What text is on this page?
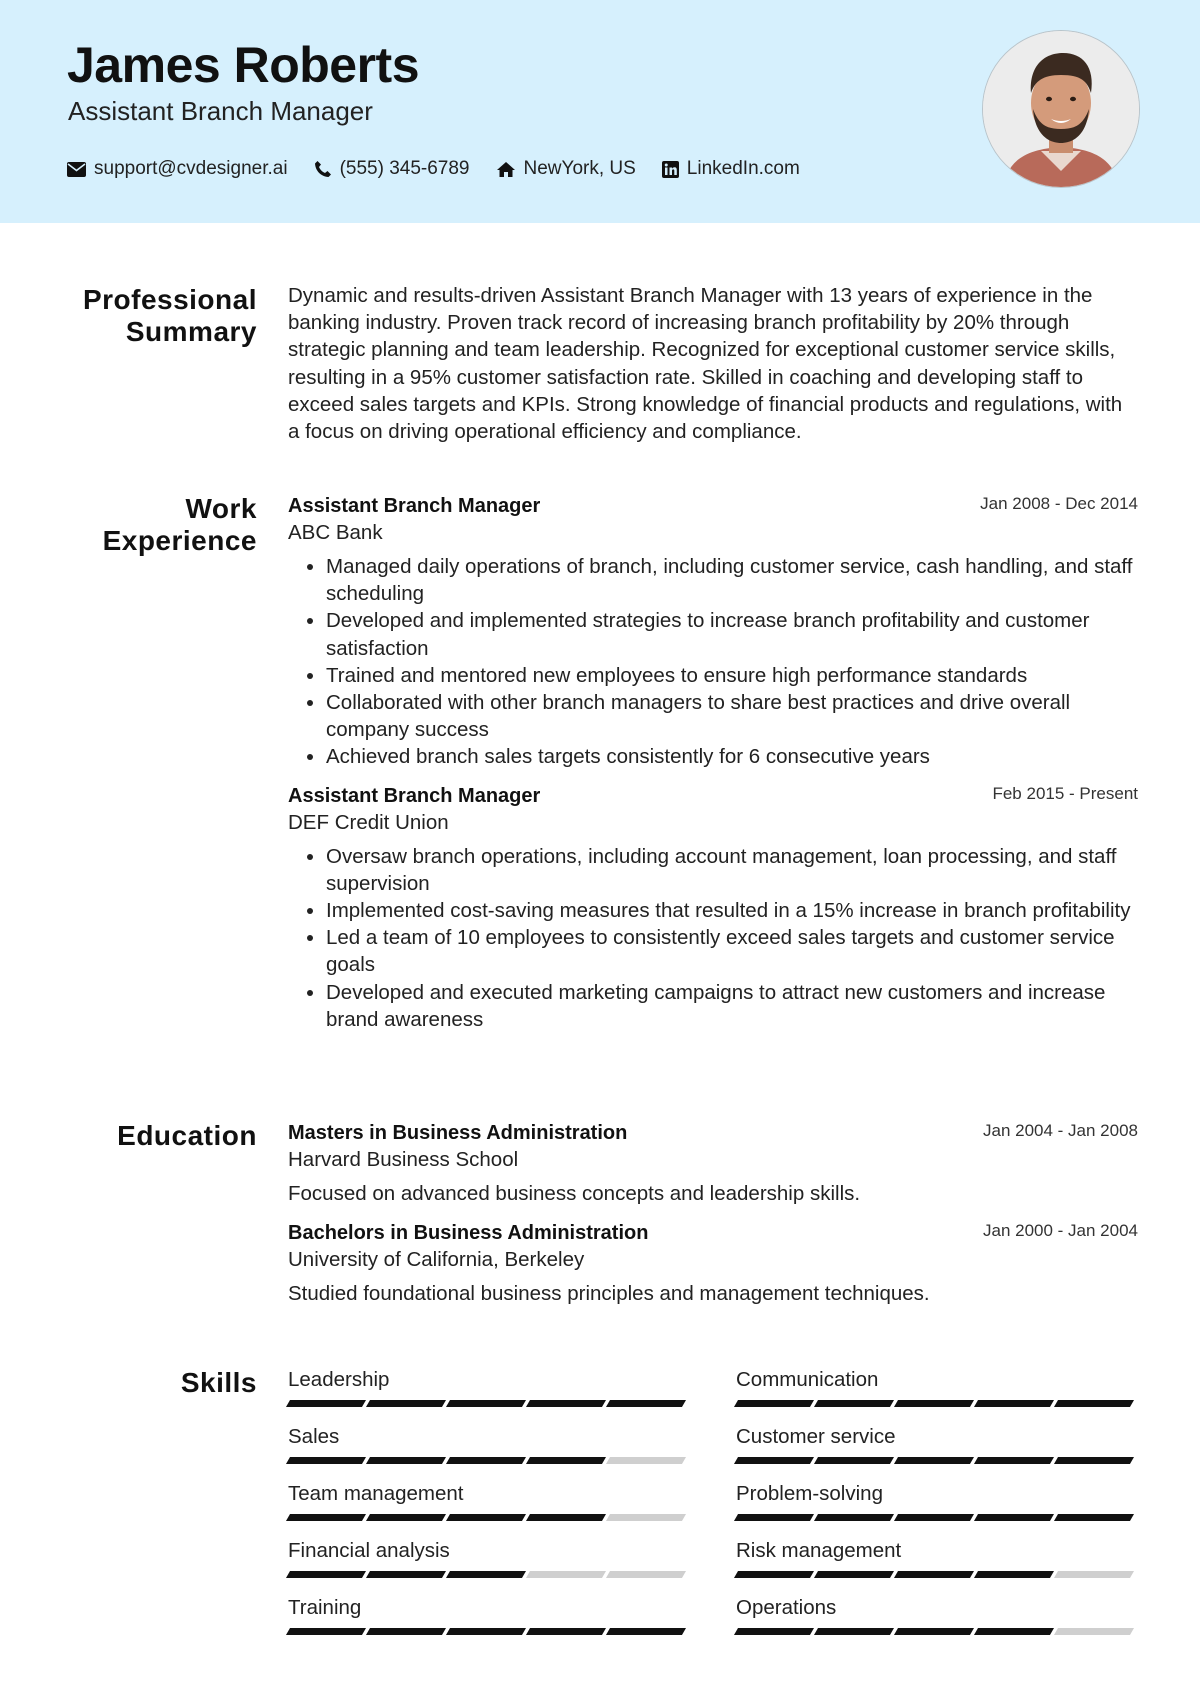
James Roberts
Assistant Branch Manager
support@cvdesigner.ai	(555) 345-6789	NewYork, US	LinkedIn.com
Professional
Summary

Dynamic and results-driven Assistant Branch Manager with 13 years of experience in the banking industry. Proven track record of increasing branch profitability by 20% through strategic planning and team leadership. Recognized for exceptional customer service skills, resulting in a 95% customer satisfaction rate. Skilled in coaching and developing staff to exceed sales targets and KPIs. Strong knowledge of financial products and regulations, with a focus on driving operational efficiency and compliance.

Work
Experience
Assistant Branch Manager	Jan 2008 - Dec 2014
ABC Bank
• Managed daily operations of branch, including customer service, cash handling, and staff scheduling
• Developed and implemented strategies to increase branch profitability and customer satisfaction
• Trained and mentored new employees to ensure high performance standards
• Collaborated with other branch managers to share best practices and drive overall company success
• Achieved branch sales targets consistently for 6 consecutive years
Assistant Branch Manager	Feb 2015 - Present
DEF Credit Union
• Oversaw branch operations, including account management, loan processing, and staff supervision
• Implemented cost-saving measures that resulted in a 15% increase in branch profitability
• Led a team of 10 employees to consistently exceed sales targets and customer service goals
• Developed and executed marketing campaigns to attract new customers and increase brand awareness
Education Masters in Business Administration	Jan 2004 - Jan 2008
Harvard Business School
Focused on advanced business concepts and leadership skills.
Bachelors in Business Administration	Jan 2000 - Jan 2004
University of California, Berkeley
Studied foundational business principles and management techniques.
Skills Leadership	Communication
Sales	Customer service
Team management	Problem-solving
Financial analysis	Risk management
Training	Operations
